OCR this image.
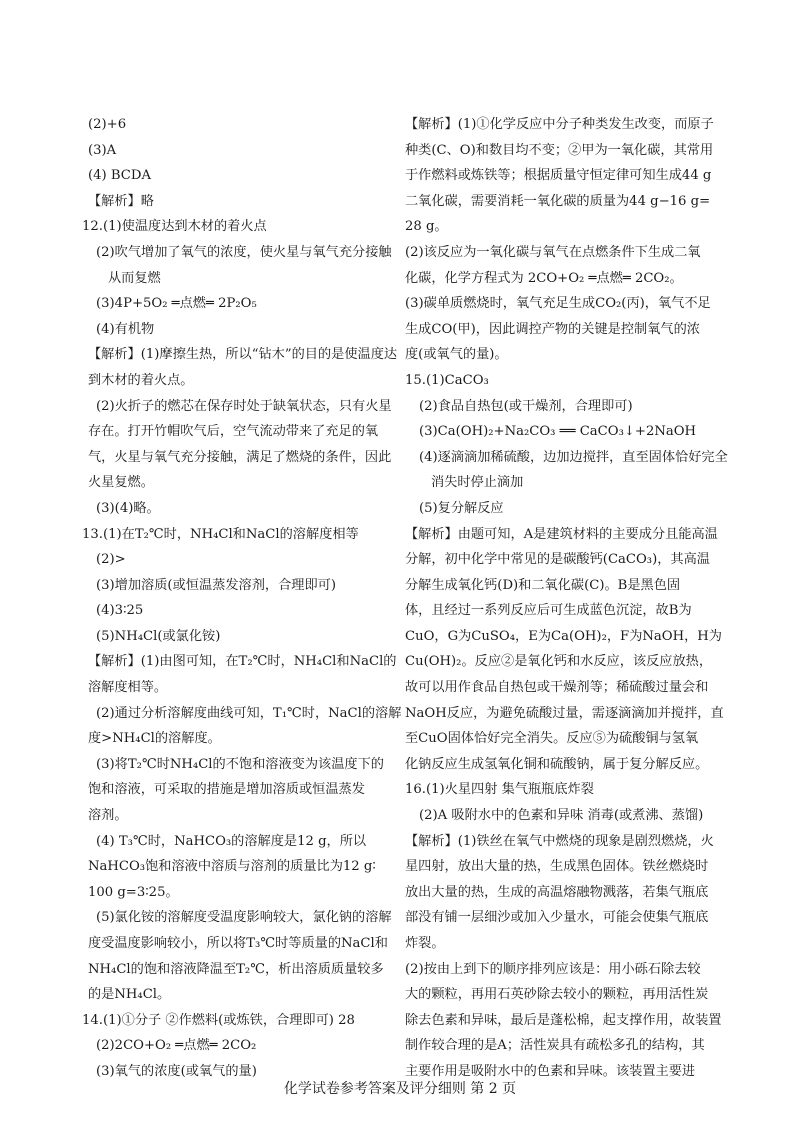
(2)+6
(3)A
(4) BCDA
【解析】略
12.(1)使温度达到木材的着火点
(2)吹气增加了氧气的浓度，使火星与氧气充分接触
从而复燃
(3)4P+5O₂ ═点燃═ 2P₂O₅
(4)有机物
【解析】(1)摩擦生热，所以“钻木”的目的是使温度达
到木材的着火点。
(2)火折子的燃芯在保存时处于缺氧状态，只有火星
存在。打开竹帽吹气后，空气流动带来了充足的氧
气，火星与氧气充分接触，满足了燃烧的条件，因此
火星复燃。
(3)(4)略。
13.(1)在T₂℃时，NH₄Cl和NaCl的溶解度相等
(2)>
(3)增加溶质(或恒温蒸发溶剂，合理即可)
(4)3∶25
(5)NH₄Cl(或氯化铵)
【解析】(1)由图可知，在T₂℃时，NH₄Cl和NaCl的
溶解度相等。
(2)通过分析溶解度曲线可知，T₁℃时，NaCl的溶解
度>NH₄Cl的溶解度。
(3)将T₂℃时NH₄Cl的不饱和溶液变为该温度下的
饱和溶液，可采取的措施是增加溶质或恒温蒸发
溶剂。
(4) T₃℃时，NaHCO₃的溶解度是12 g，所以
NaHCO₃饱和溶液中溶质与溶剂的质量比为12 g∶
100 g=3∶25。
(5)氯化铵的溶解度受温度影响较大，氯化钠的溶解
度受温度影响较小，所以将T₃℃时等质量的NaCl和
NH₄Cl的饱和溶液降温至T₂℃，析出溶质质量较多
的是NH₄Cl。
14.(1)①分子 ②作燃料(或炼铁，合理即可) 28
(2)2CO+O₂ ═点燃═ 2CO₂
(3)氧气的浓度(或氧气的量)
【解析】(1)①化学反应中分子种类发生改变，而原子
种类(C、O)和数目均不变；②甲为一氧化碳，其常用
于作燃料或炼铁等；根据质量守恒定律可知生成44 g
二氧化碳，需要消耗一氧化碳的质量为44 g−16 g=
28 g。
(2)该反应为一氧化碳与氧气在点燃条件下生成二氧
化碳，化学方程式为 2CO+O₂ ═点燃═ 2CO₂。
(3)碳单质燃烧时，氧气充足生成CO₂(丙)，氧气不足
生成CO(甲)，因此调控产物的关键是控制氧气的浓
度(或氧气的量)。
15.(1)CaCO₃
(2)食品自热包(或干燥剂，合理即可)
(3)Ca(OH)₂+Na₂CO₃ ══ CaCO₃↓+2NaOH
(4)逐滴滴加稀硫酸，边加边搅拌，直至固体恰好完全
消失时停止滴加
(5)复分解反应
【解析】由题可知，A是建筑材料的主要成分且能高温
分解，初中化学中常见的是碳酸钙(CaCO₃)，其高温
分解生成氧化钙(D)和二氧化碳(C)。B是黑色固
体，且经过一系列反应后可生成蓝色沉淀，故B为
CuO，G为CuSO₄，E为Ca(OH)₂，F为NaOH，H为
Cu(OH)₂。反应②是氧化钙和水反应，该反应放热，
故可以用作食品自热包或干燥剂等；稀硫酸过量会和
NaOH反应，为避免硫酸过量，需逐滴滴加并搅拌，直
至CuO固体恰好完全消失。反应⑤为硫酸铜与氢氧
化钠反应生成氢氧化铜和硫酸钠，属于复分解反应。
16.(1)火星四射 集气瓶瓶底炸裂
(2)A 吸附水中的色素和异味 消毒(或煮沸、蒸馏)
【解析】(1)铁丝在氧气中燃烧的现象是剧烈燃烧，火
星四射，放出大量的热，生成黑色固体。铁丝燃烧时
放出大量的热，生成的高温熔融物溅落，若集气瓶底
部没有铺一层细沙或加入少量水，可能会使集气瓶底
炸裂。
(2)按由上到下的顺序排列应该是：用小砾石除去较
大的颗粒，再用石英砂除去较小的颗粒，再用活性炭
除去色素和异味，最后是蓬松棉，起支撑作用，故装置
制作较合理的是A；活性炭具有疏松多孔的结构，其
主要作用是吸附水中的色素和异味。该装置主要进
化学试卷参考答案及评分细则 第 2 页
